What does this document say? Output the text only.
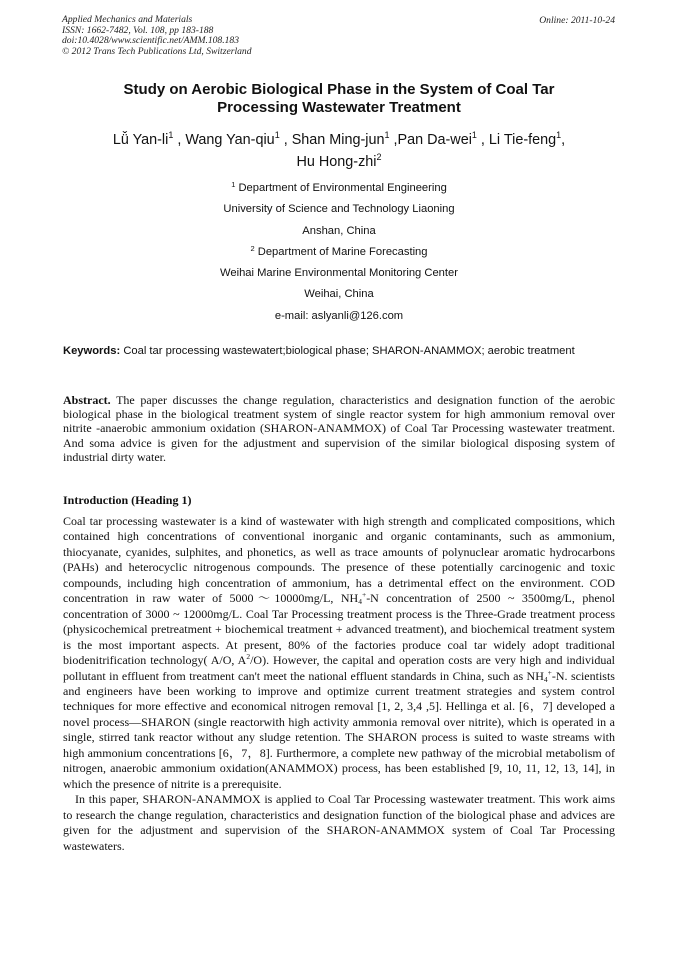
Applied Mechanics and Materials
ISSN: 1662-7482, Vol. 108, pp 183-188
doi:10.4028/www.scientific.net/AMM.108.183
© 2012 Trans Tech Publications Ltd, Switzerland
Online: 2011-10-24
Study on Aerobic Biological Phase in the System of Coal Tar
Processing Wastewater Treatment
Lǚ Yan-$li^1$ , Wang Yan-qiu$^1$ , Shan Ming-jun$^1$ ,Pan Da-wei$^1$ , Li Tie-feng$^1$,
Hu Hong-zhi$^2$
$^1$ Department of Environmental Engineering
University of Science and Technology Liaoning
Anshan, China
$^2$ Department of Marine Forecasting
Weihai Marine Environmental Monitoring Center
Weihai, China
e-mail: aslyanli@126.com
Keywords: Coal tar processing wastewatert;biological phase; SHARON-ANAMMOX; aerobic treatment
Abstract. The paper discusses the change regulation, characteristics and designation function of the aerobic biological phase in the biological treatment system of single reactor system for high ammonium removal over nitrite -anaerobic ammonium oxidation (SHARON-ANAMMOX) of Coal Tar Processing wastewater treatment. And soma advice is given for the adjustment and supervision of the similar biological disposing system of industrial dirty water.
Introduction (Heading 1)

Coal tar processing wastewater is a kind of wastewater with high strength and complicated compositions, which contained high concentrations of conventional inorganic and organic contaminants, such as ammonium, thiocyanate, cyanides, sulphites, and phonetics, as well as trace amounts of polynuclear aromatic hydrocarbons (PAHs) and heterocyclic nitrogenous compounds. The presence of these potentially carcinogenic and toxic compounds, including high concentration of ammonium, has a detrimental effect on the environment. COD concentration in raw water of 5000～10000mg/L, $NH_4^+-N$ concentration of 2500 ~ 3500mg/L, phenol concentration of 3000 ~ 12000mg/L. Coal Tar Processing treatment process is the Three-Grade treatment process (physicochemical pretreatment + biochemical treatment + advanced treatment), and biochemical treatment system is the most important aspects. At present, 80% of the factories produce coal tar widely adopt traditional biodenitrification technology( A/O, $A^2/O$). However, the capital and operation costs are very high and individual pollutant in effluent from treatment can't meet the national effluent standards in China, such as $NH_4^+-N$. scientists and engineers have been working to improve and optimize current treatment strategies and system control techniques for more effective and economical nitrogen removal [1, 2, 3,4 ,5]. Hellinga et al. [6，7] developed a novel process—SHARON (single reactorwith high activity ammonia removal over nitrite), which is operated in a single, stirred tank reactor without any sludge retention. The SHARON process is suited to waste streams with high ammonium concentrations [6，7，8]. Furthermore, a complete new pathway of the microbial metabolism of nitrogen, anaerobic ammonium oxidation(ANAMMOX) process, has been established [9, 10, 11, 12, 13, 14], in which the presence of nitrite is a prerequisite.

In this paper, SHARON-ANAMMOX is applied to Coal Tar Processing wastewater treatment. This work aims to research the change regulation, characteristics and designation function of the biological phase and advices are given for the adjustment and supervision of the SHARON-ANAMMOX system of Coal Tar Processing wastewaters.
